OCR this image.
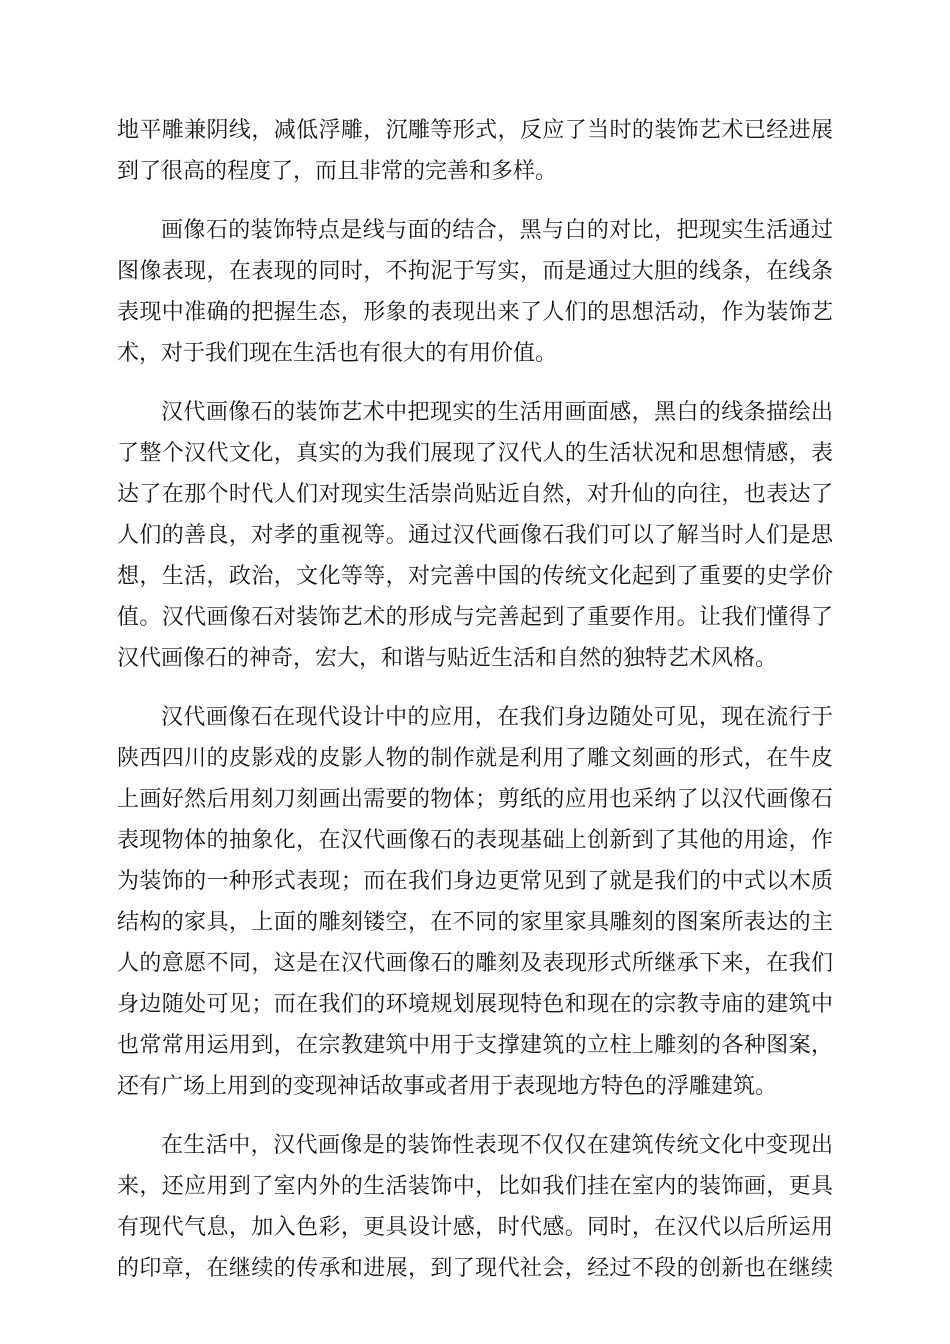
地平雕兼阴线，减低浮雕，沉雕等形式，反应了当时的装饰艺术已经进展
到了很高的程度了，而且非常的完善和多样。
画像石的装饰特点是线与面的结合，黑与白的对比，把现实生活通过
图像表现，在表现的同时，不拘泥于写实，而是通过大胆的线条，在线条
表现中准确的把握生态，形象的表现出来了人们的思想活动，作为装饰艺
术，对于我们现在生活也有很大的有用价值。
汉代画像石的装饰艺术中把现实的生活用画面感，黑白的线条描绘出
了整个汉代文化，真实的为我们展现了汉代人的生活状况和思想情感，表
达了在那个时代人们对现实生活崇尚贴近自然，对升仙的向往，也表达了
人们的善良，对孝的重视等。通过汉代画像石我们可以了解当时人们是思
想，生活，政治，文化等等，对完善中国的传统文化起到了重要的史学价
值。汉代画像石对装饰艺术的形成与完善起到了重要作用。让我们懂得了
汉代画像石的神奇，宏大，和谐与贴近生活和自然的独特艺术风格。
汉代画像石在现代设计中的应用，在我们身边随处可见，现在流行于
陕西四川的皮影戏的皮影人物的制作就是利用了雕文刻画的形式，在牛皮
上画好然后用刻刀刻画出需要的物体；剪纸的应用也采纳了以汉代画像石
表现物体的抽象化，在汉代画像石的表现基础上创新到了其他的用途，作
为装饰的一种形式表现；而在我们身边更常见到了就是我们的中式以木质
结构的家具，上面的雕刻镂空，在不同的家里家具雕刻的图案所表达的主
人的意愿不同，这是在汉代画像石的雕刻及表现形式所继承下来，在我们
身边随处可见；而在我们的环境规划展现特色和现在的宗教寺庙的建筑中
也常常用运用到，在宗教建筑中用于支撑建筑的立柱上雕刻的各种图案，
还有广场上用到的变现神话故事或者用于表现地方特色的浮雕建筑。
在生活中，汉代画像是的装饰性表现不仅仅在建筑传统文化中变现出
来，还应用到了室内外的生活装饰中，比如我们挂在室内的装饰画，更具
有现代气息，加入色彩，更具设计感，时代感。同时，在汉代以后所运用
的印章，在继续的传承和进展，到了现代社会，经过不段的创新也在继续
